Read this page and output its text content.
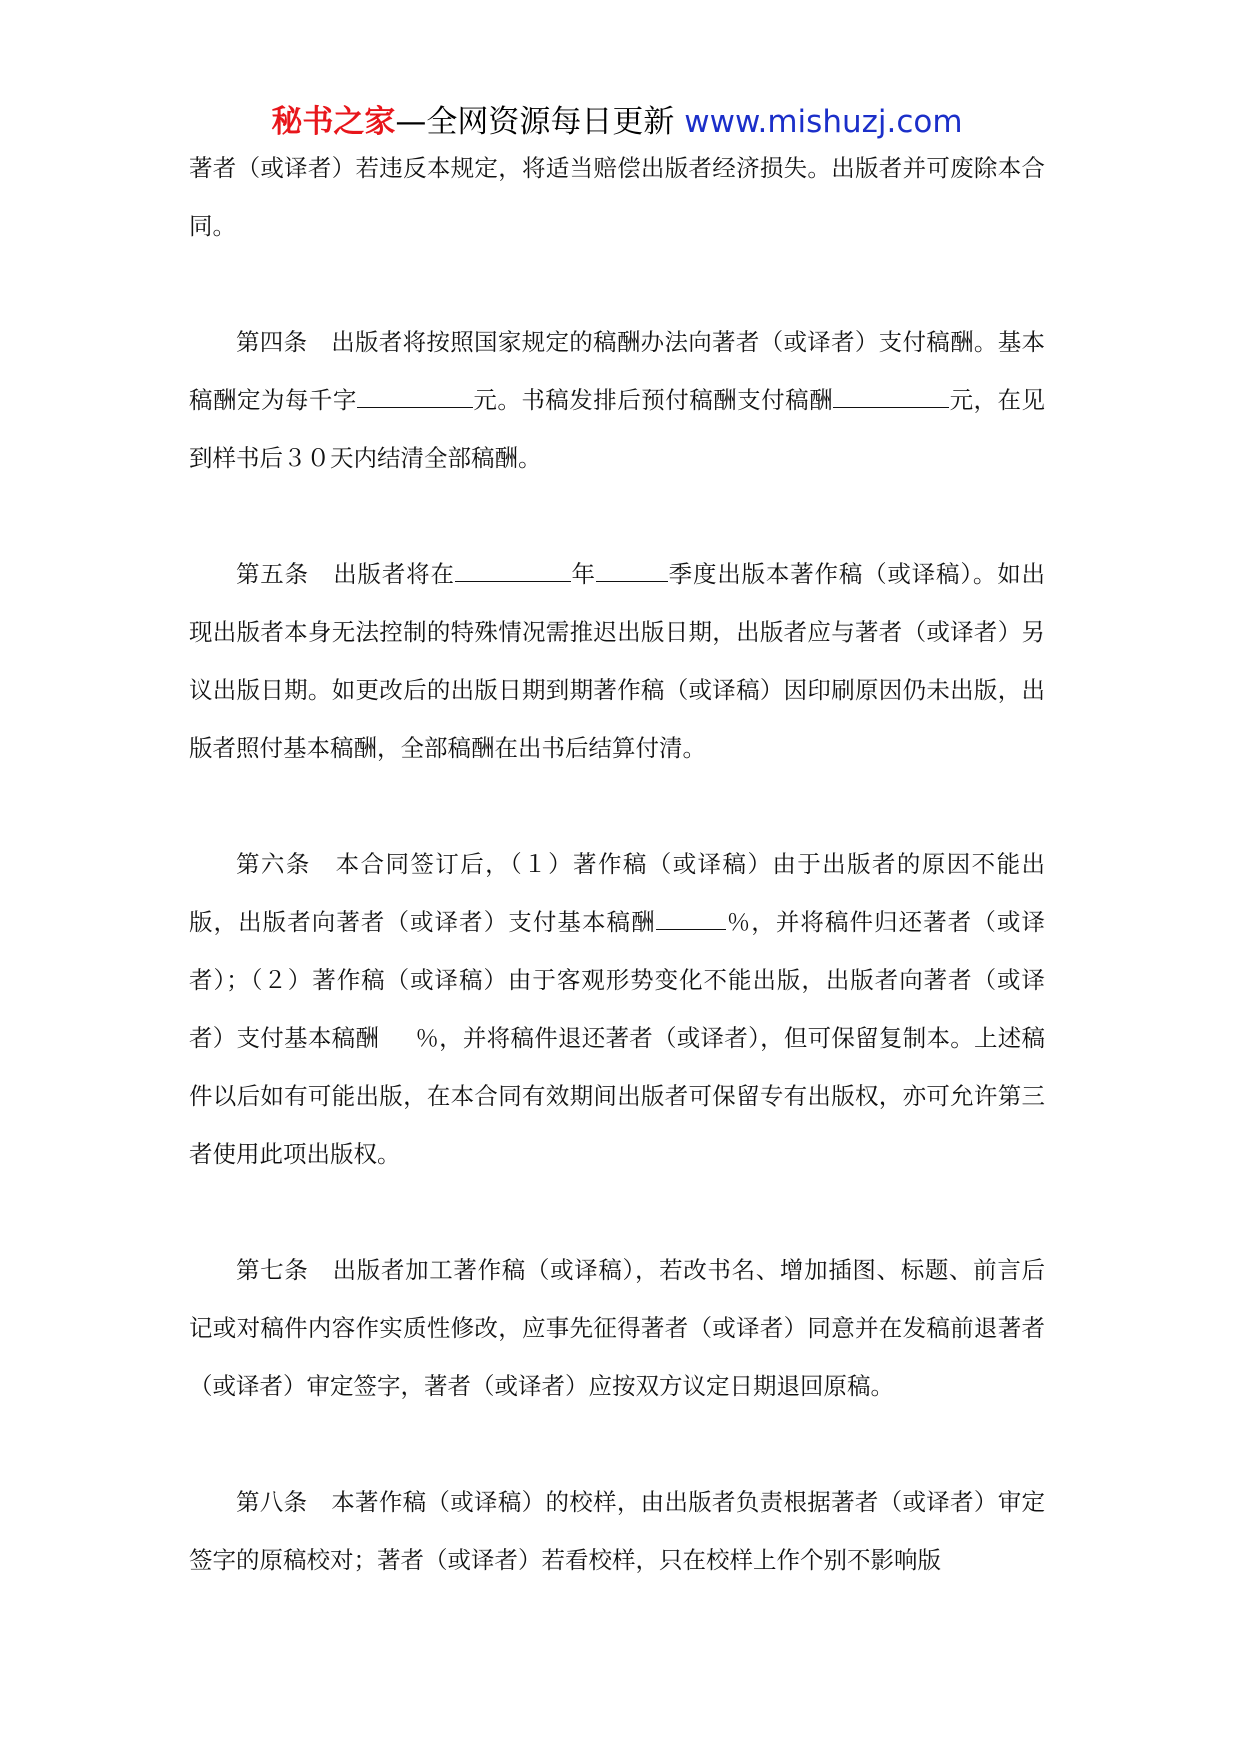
秘书之家—全网资源每日更新 www.mishuzj.com

著者（或译者）若违反本规定，将适当赔偿出版者经济损失。出版者并可废除本合同。

第四条　出版者将按照国家规定的稿酬办法向著者（或译者）支付稿酬。基本稿酬定为每千字	元。书稿发排后预付稿酬支付稿酬	元，在见到样书后３０天内结清全部稿酬。

第五条　出版者将在	年	季度出版本著作稿（或译稿）。如出现出版者本身无法控制的特殊情况需推迟出版日期，出版者应与著者（或译者）另议出版日期。如更改后的出版日期到期著作稿（或译稿）因印刷原因仍未出版，出版者照付基本稿酬，全部稿酬在出书后结算付清。

第六条　本合同签订后，（１）著作稿（或译稿）由于出版者的原因不能出版，出版者向著者（或译者）支付基本稿酬	％，并将稿件归还著者（或译者）；（２）著作稿（或译稿）由于客观形势变化不能出版，出版者向著者（或译者）支付基本稿酬 ％，并将稿件退还著者（或译者），但可保留复制本。上述稿件以后如有可能出版，在本合同有效期间出版者可保留专有出版权，亦可允许第三者使用此项出版权。

第七条　出版者加工著作稿（或译稿），若改书名、增加插图、标题、前言后记或对稿件内容作实质性修改，应事先征得著者（或译者）同意并在发稿前退著者（或译者）审定签字，著者（或译者）应按双方议定日期退回原稿。

第八条　本著作稿（或译稿）的校样，由出版者负责根据著者（或译者）审定签字的原稿校对；著者（或译者）若看校样，只在校样上作个别不影响版
